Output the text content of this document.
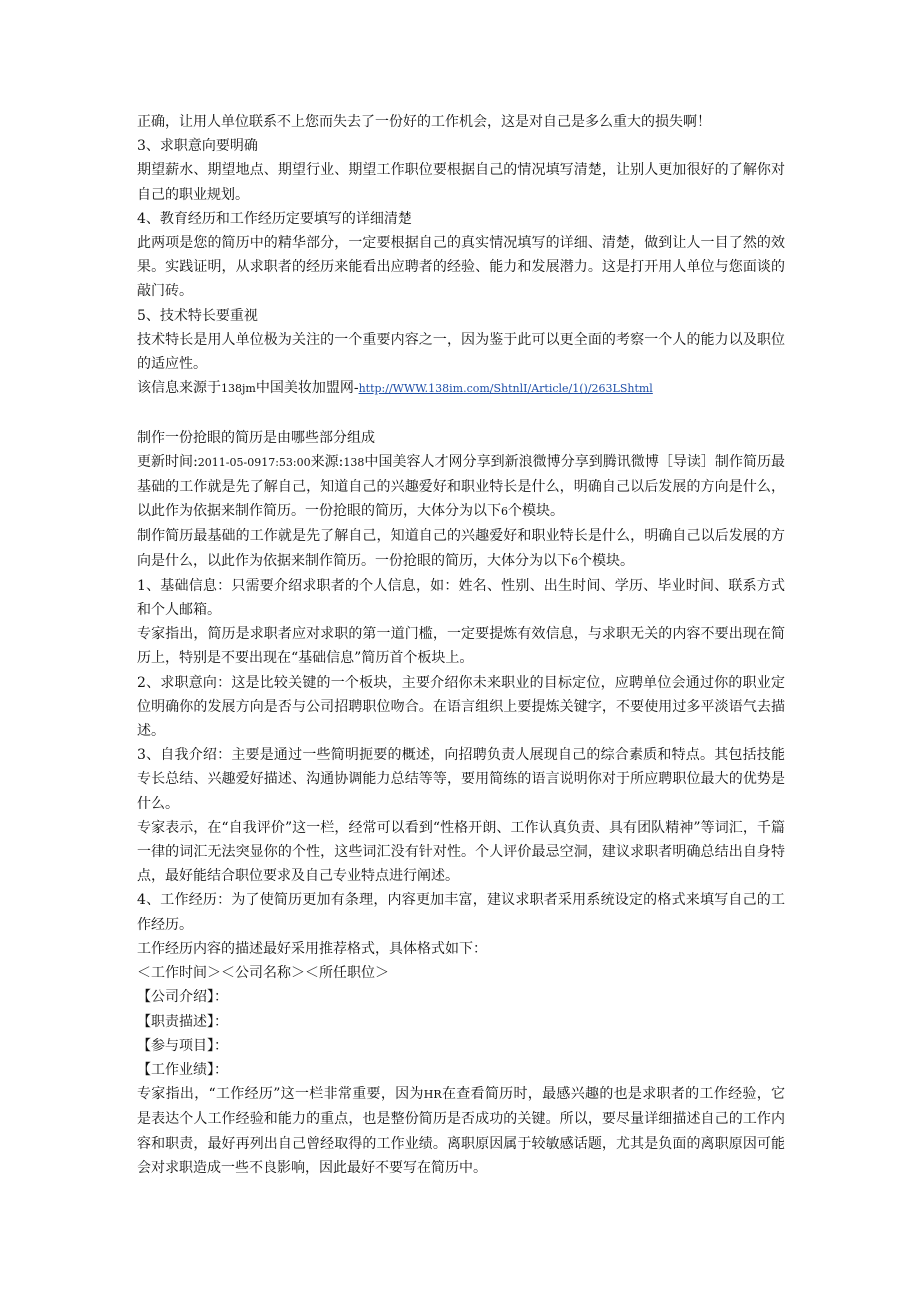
正确，让用人单位联系不上您而失去了一份好的工作机会，这是对自己是多么重大的损失啊！

3、求职意向要明确

期望薪水、期望地点、期望行业、期望工作职位要根据自己的情况填写清楚，让别人更加很好的了解你对自己的职业规划。

4、教育经历和工作经历定要填写的详细清楚

此两项是您的简历中的精华部分，一定要根据自己的真实情况填写的详细、清楚，做到让人一目了然的效果。实践证明，从求职者的经历来能看出应聘者的经验、能力和发展潜力。这是打开用人单位与您面谈的敲门砖。

5、技术特长要重视

技术特长是用人单位极为关注的一个重要内容之一，因为鉴于此可以更全面的考察一个人的能力以及职位的适应性。

该信息来源于138jm中国美妆加盟网-http://WWW.138im.com/ShtnlI/Article/1()/263LShtml

制作一份抢眼的简历是由哪些部分组成

更新时间:2011-05-0917:53:00来源:138中国美容人才网分享到新浪微博分享到腾讯微博［导读］制作简历最基础的工作就是先了解自己，知道自己的兴趣爱好和职业特长是什么，明确自己以后发展的方向是什么，以此作为依据来制作简历。一份抢眼的简历，大体分为以下6个模块。

制作简历最基础的工作就是先了解自己，知道自己的兴趣爱好和职业特长是什么，明确自己以后发展的方向是什么，以此作为依据来制作简历。一份抢眼的简历，大体分为以下6个模块。

1、基础信息：只需要介绍求职者的个人信息，如：姓名、性别、出生时间、学历、毕业时间、联系方式和个人邮箱。

专家指出，简历是求职者应对求职的第一道门槛，一定要提炼有效信息，与求职无关的内容不要出现在简历上，特别是不要出现在“基础信息”简历首个板块上。

2、求职意向：这是比较关键的一个板块，主要介绍你未来职业的目标定位，应聘单位会通过你的职业定位明确你的发展方向是否与公司招聘职位吻合。在语言组织上要提炼关键字，不要使用过多平淡语气去描述。

3、自我介绍：主要是通过一些简明扼要的概述，向招聘负责人展现自己的综合素质和特点。其包括技能专长总结、兴趣爱好描述、沟通协调能力总结等等，要用简练的语言说明你对于所应聘职位最大的优势是什么。

专家表示，在“自我评价”这一栏，经常可以看到“性格开朗、工作认真负责、具有团队精神”等词汇，千篇一律的词汇无法突显你的个性，这些词汇没有针对性。个人评价最忌空洞，建议求职者明确总结出自身特点，最好能结合职位要求及自己专业特点进行阐述。

4、工作经历：为了使简历更加有条理，内容更加丰富，建议求职者采用系统设定的格式来填写自己的工作经历。

工作经历内容的描述最好采用推荐格式，具体格式如下：

＜工作时间＞＜公司名称＞＜所任职位＞

【公司介绍】：

【职责描述】：

【参与项目】：

【工作业绩】：

专家指出，“工作经历”这一栏非常重要，因为HR在查看简历时，最感兴趣的也是求职者的工作经验，它是表达个人工作经验和能力的重点，也是整份简历是否成功的关键。所以，要尽量详细描述自己的工作内容和职责，最好再列出自己曾经取得的工作业绩。离职原因属于较敏感话题，尤其是负面的离职原因可能会对求职造成一些不良影响，因此最好不要写在简历中。
